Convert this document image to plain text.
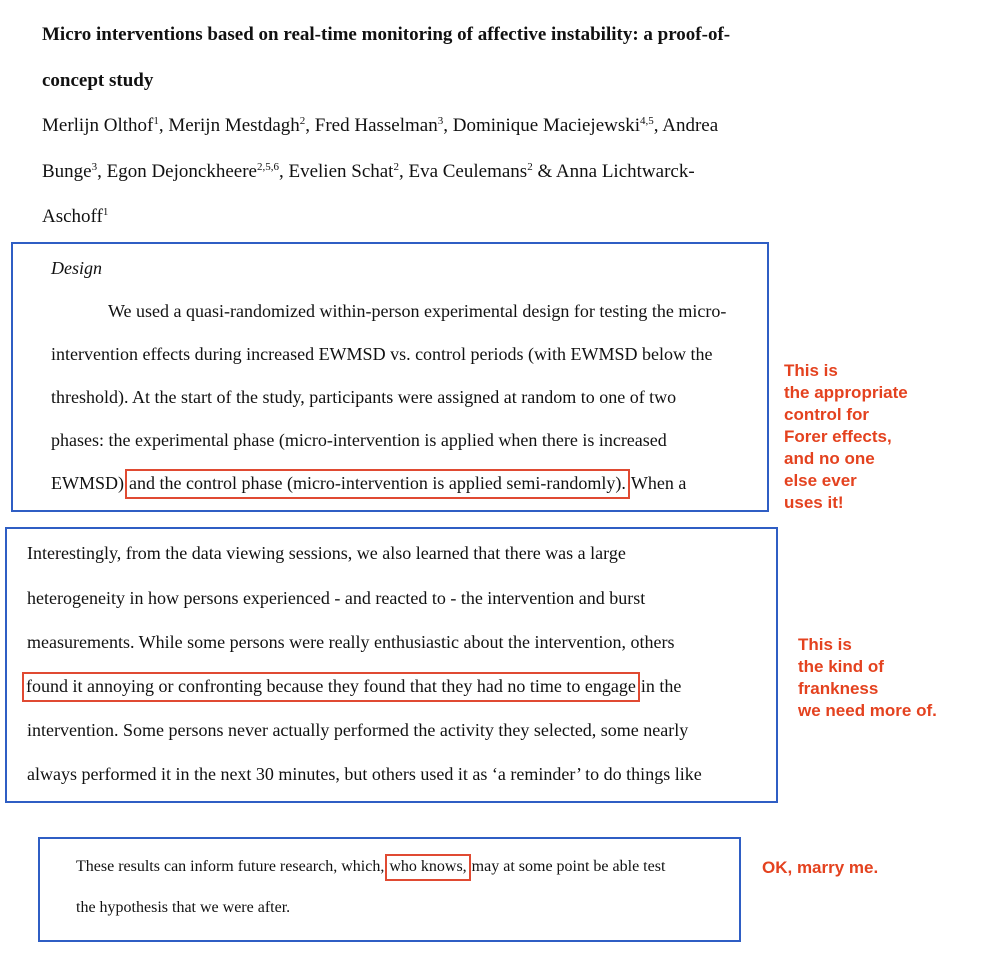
Micro interventions based on real-time monitoring of affective instability: a proof-of-
concept study
Merlijn Olthof$^1$, Merijn Mestdagh$^2$, Fred Hasselman$^3$, Dominique Maciejewski$^{4,5}$, Andrea
Bunge$^3$, Egon Dejonckheere$^{2,5,6}$, Evelien Schat$^2$, Eva Ceulemans$^2$ & Anna Lichtwarck-
Aschoff$^1$
Design
We used a quasi-randomized within-person experimental design for testing the micro-
intervention effects during increased EWMSD vs. control periods (with EWMSD below the
threshold). At the start of the study, participants were assigned at random to one of two
phases: the experimental phase (micro-intervention is applied when there is increased
EWMSD) and the control phase (micro-intervention is applied semi-randomly). When a
This is
the appropriate
control for
Forer effects,
and no one
else ever
uses it!
Interestingly, from the data viewing sessions, we also learned that there was a large
heterogeneity in how persons experienced - and reacted to - the intervention and burst
measurements. While some persons were really enthusiastic about the intervention, others
found it annoying or confronting because they found that they had no time to engage in the
intervention. Some persons never actually performed the activity they selected, some nearly
always performed it in the next 30 minutes, but others used it as ‘a reminder’ to do things like
This is
the kind of
frankness
we need more of.
These results can inform future research, which, who knows, may at some point be able test
the hypothesis that we were after.
OK, marry me.
